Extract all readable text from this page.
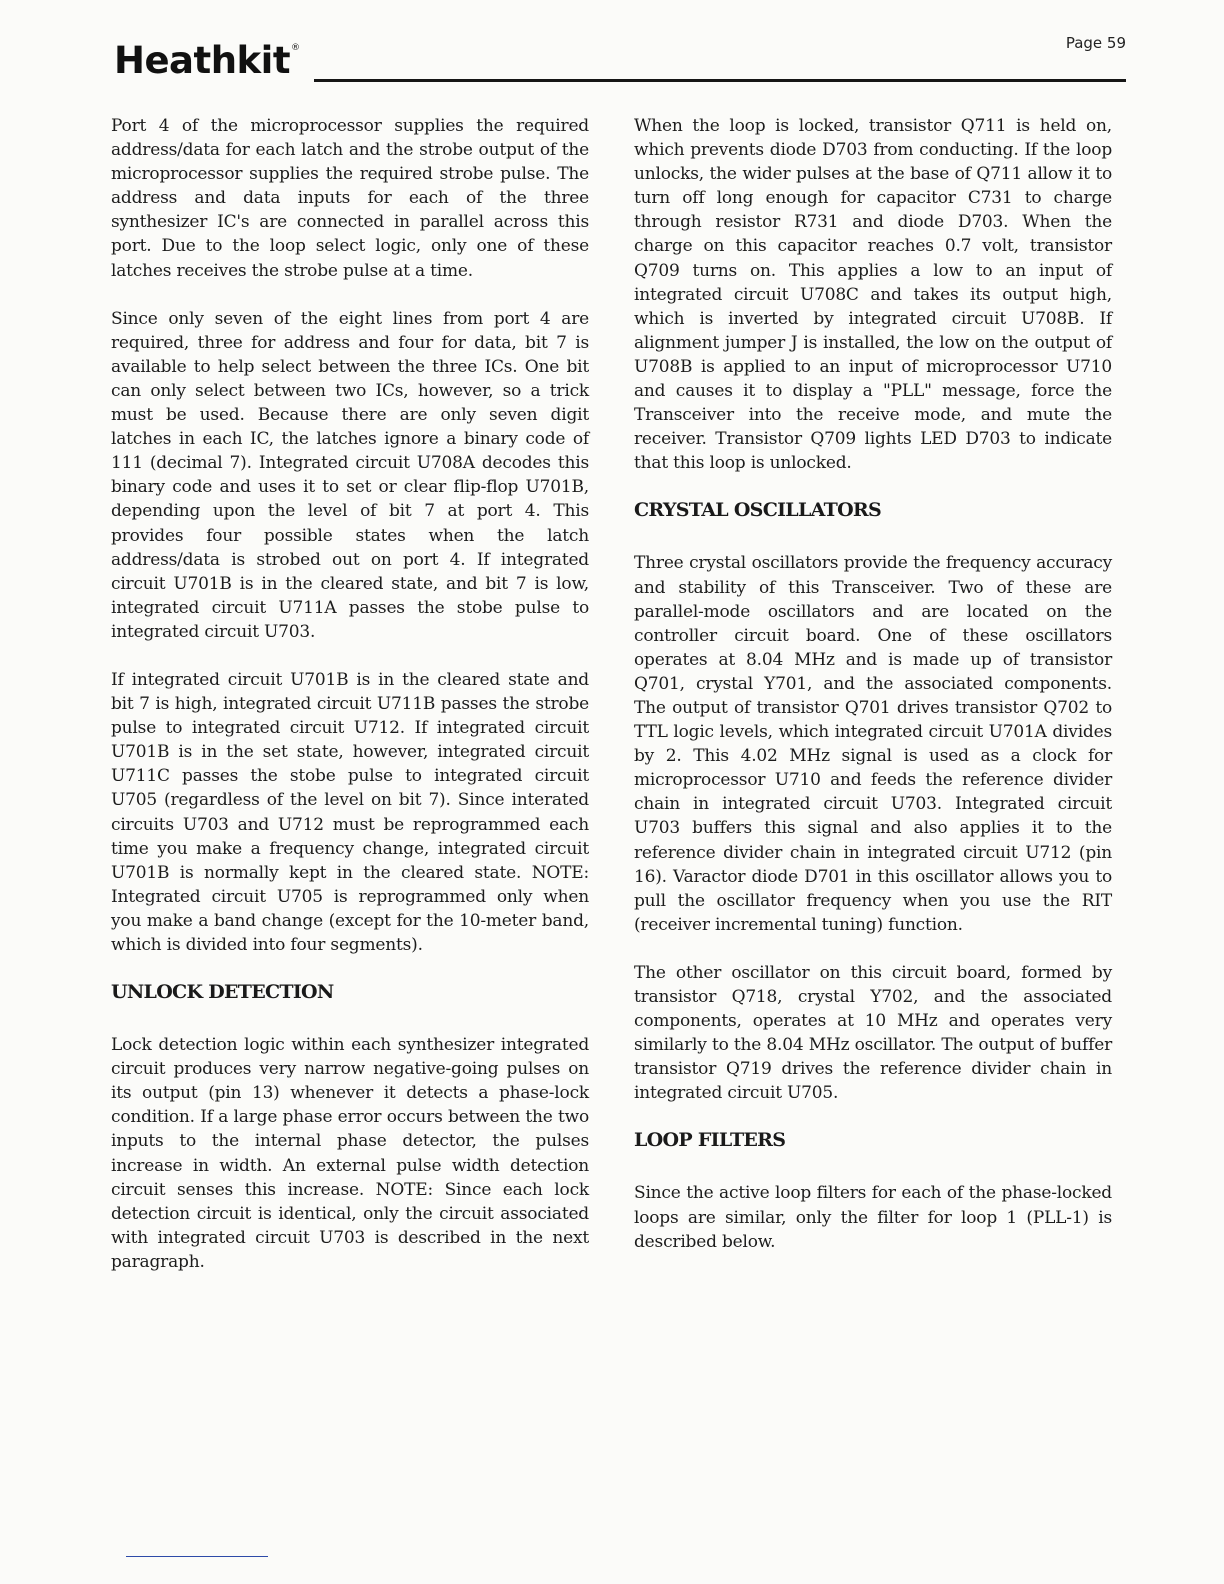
Heathkit®	Page 59

Port 4 of the microprocessor supplies the required address/data for each latch and the strobe output of the microprocessor supplies the required strobe pulse. The address and data inputs for each of the three synthesizer IC's are connected in parallel across this port. Due to the loop select logic, only one of these latches receives the strobe pulse at a time.

Since only seven of the eight lines from port 4 are required, three for address and four for data, bit 7 is available to help select between the three ICs. One bit can only select between two ICs, however, so a trick must be used. Because there are only seven digit latches in each IC, the latches ignore a binary code of 111 (decimal 7). Integrated circuit U708A decodes this binary code and uses it to set or clear flip-flop U701B, depending upon the level of bit 7 at port 4. This provides four possible states when the latch address/data is strobed out on port 4. If integrated circuit U701B is in the cleared state, and bit 7 is low, integrated circuit U711A passes the stobe pulse to integrated circuit U703.

If integrated circuit U701B is in the cleared state and bit 7 is high, integrated circuit U711B passes the strobe pulse to integrated circuit U712. If integrated circuit U701B is in the set state, however, integrated circuit U711C passes the stobe pulse to integrated circuit U705 (regardless of the level on bit 7). Since interated circuits U703 and U712 must be reprogrammed each time you make a frequency change, integrated circuit U701B is normally kept in the cleared state. NOTE: Integrated circuit U705 is reprogrammed only when you make a band change (except for the 10-meter band, which is divided into four segments).

UNLOCK DETECTION

Lock detection logic within each synthesizer integrated circuit produces very narrow negative-going pulses on its output (pin 13) whenever it detects a phase-lock condition. If a large phase error occurs between the two inputs to the internal phase detector, the pulses increase in width. An external pulse width detection circuit senses this increase. NOTE: Since each lock detection circuit is identical, only the circuit associated with integrated circuit U703 is described in the next paragraph.

When the loop is locked, transistor Q711 is held on, which prevents diode D703 from conducting. If the loop unlocks, the wider pulses at the base of Q711 allow it to turn off long enough for capacitor C731 to charge through resistor R731 and diode D703. When the charge on this capacitor reaches 0.7 volt, transistor Q709 turns on. This applies a low to an input of integrated circuit U708C and takes its output high, which is inverted by integrated circuit U708B. If alignment jumper J is installed, the low on the output of U708B is applied to an input of microprocessor U710 and causes it to display a "PLL" message, force the Transceiver into the receive mode, and mute the receiver. Transistor Q709 lights LED D703 to indicate that this loop is unlocked.

CRYSTAL OSCILLATORS

Three crystal oscillators provide the frequency accuracy and stability of this Transceiver. Two of these are parallel-mode oscillators and are located on the controller circuit board. One of these oscillators operates at 8.04 MHz and is made up of transistor Q701, crystal Y701, and the associated components. The output of transistor Q701 drives transistor Q702 to TTL logic levels, which integrated circuit U701A divides by 2. This 4.02 MHz signal is used as a clock for microprocessor U710 and feeds the reference divider chain in integrated circuit U703. Integrated circuit U703 buffers this signal and also applies it to the reference divider chain in integrated circuit U712 (pin 16). Varactor diode D701 in this oscillator allows you to pull the oscillator frequency when you use the RIT (receiver incremental tuning) function.

The other oscillator on this circuit board, formed by transistor Q718, crystal Y702, and the associated components, operates at 10 MHz and operates very similarly to the 8.04 MHz oscillator. The output of buffer transistor Q719 drives the reference divider chain in integrated circuit U705.

LOOP FILTERS

Since the active loop filters for each of the phase-locked loops are similar, only the filter for loop 1 (PLL-1) is described below.
